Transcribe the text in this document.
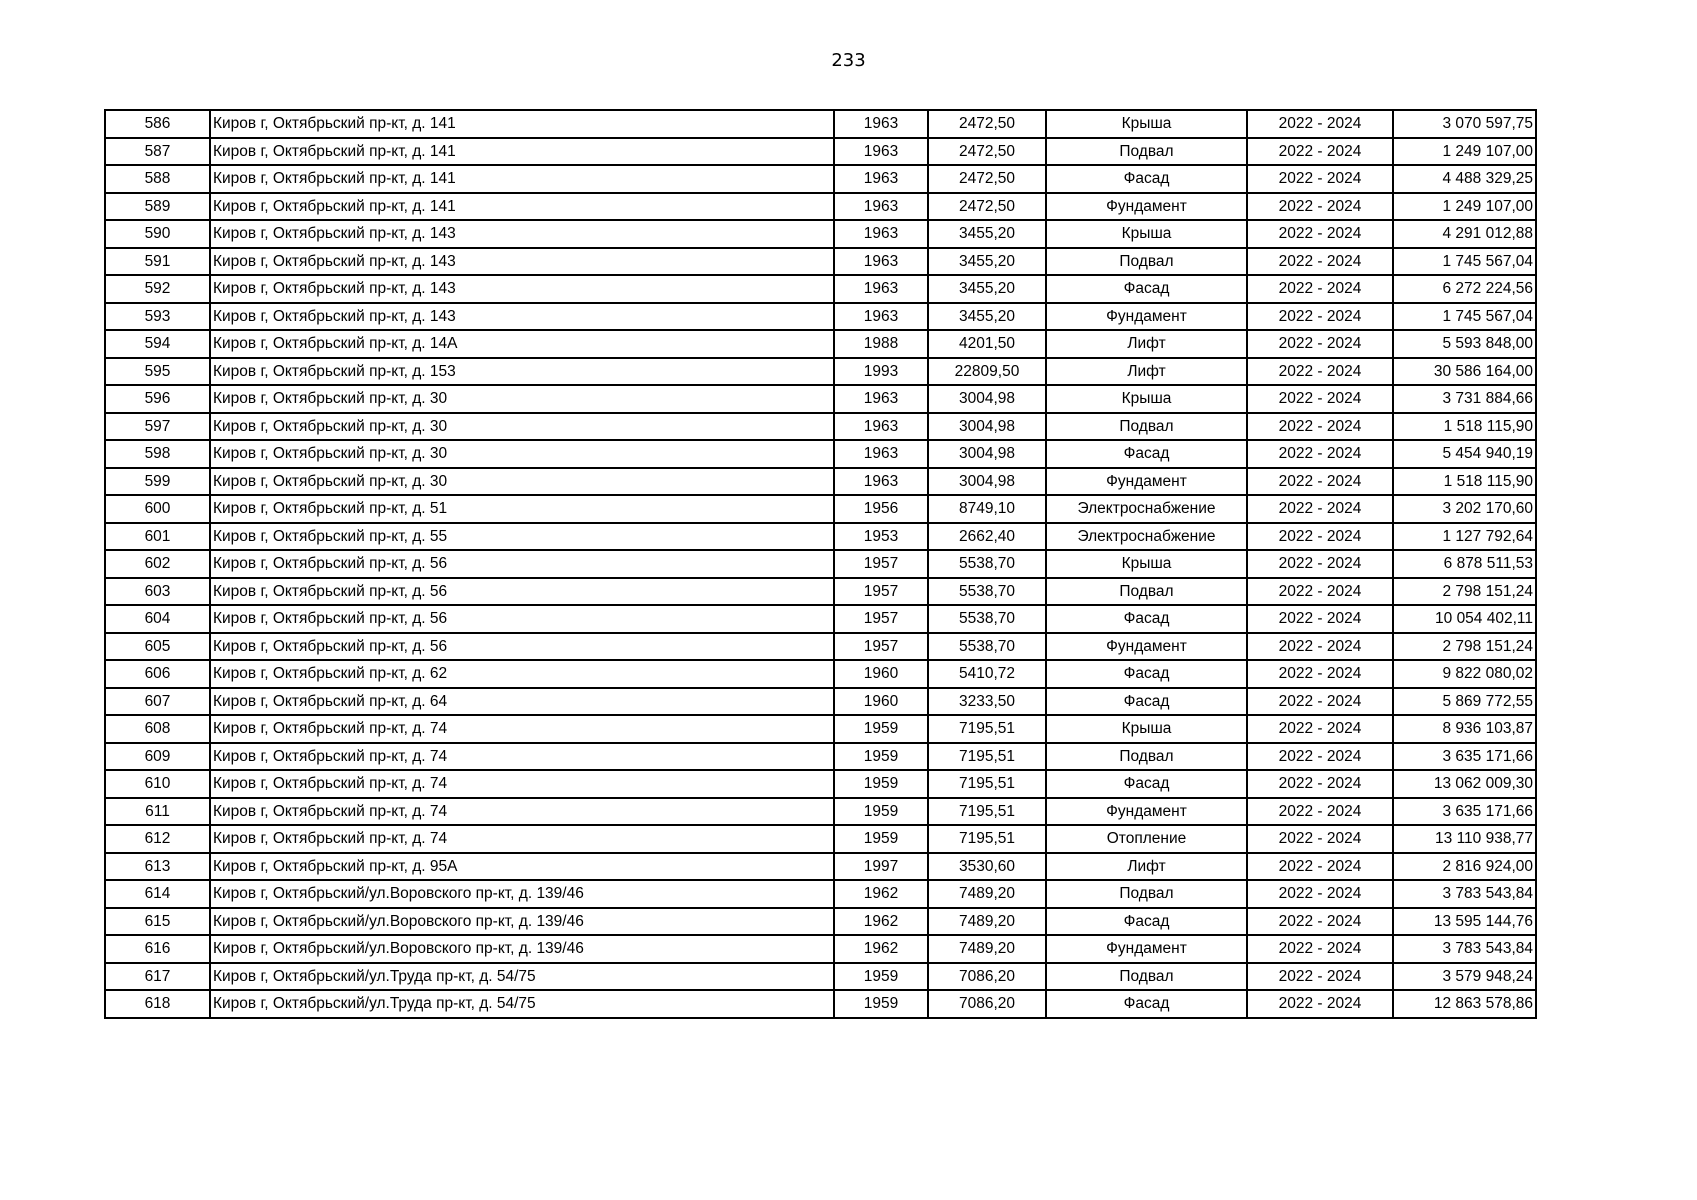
233
586	Киров г, Октябрьский пр-кт, д. 141	1963	2472,50	Крыша	2022 - 2024	3 070 597,75
587	Киров г, Октябрьский пр-кт, д. 141	1963	2472,50	Подвал	2022 - 2024	1 249 107,00
588	Киров г, Октябрьский пр-кт, д. 141	1963	2472,50	Фасад	2022 - 2024	4 488 329,25
589	Киров г, Октябрьский пр-кт, д. 141	1963	2472,50	Фундамент	2022 - 2024	1 249 107,00
590	Киров г, Октябрьский пр-кт, д. 143	1963	3455,20	Крыша	2022 - 2024	4 291 012,88
591	Киров г, Октябрьский пр-кт, д. 143	1963	3455,20	Подвал	2022 - 2024	1 745 567,04
592	Киров г, Октябрьский пр-кт, д. 143	1963	3455,20	Фасад	2022 - 2024	6 272 224,56
593	Киров г, Октябрьский пр-кт, д. 143	1963	3455,20	Фундамент	2022 - 2024	1 745 567,04
594	Киров г, Октябрьский пр-кт, д. 14А	1988	4201,50	Лифт	2022 - 2024	5 593 848,00
595	Киров г, Октябрьский пр-кт, д. 153	1993	22809,50	Лифт	2022 - 2024	30 586 164,00
596	Киров г, Октябрьский пр-кт, д. 30	1963	3004,98	Крыша	2022 - 2024	3 731 884,66
597	Киров г, Октябрьский пр-кт, д. 30	1963	3004,98	Подвал	2022 - 2024	1 518 115,90
598	Киров г, Октябрьский пр-кт, д. 30	1963	3004,98	Фасад	2022 - 2024	5 454 940,19
599	Киров г, Октябрьский пр-кт, д. 30	1963	3004,98	Фундамент	2022 - 2024	1 518 115,90
600	Киров г, Октябрьский пр-кт, д. 51	1956	8749,10	Электроснабжение	2022 - 2024	3 202 170,60
601	Киров г, Октябрьский пр-кт, д. 55	1953	2662,40	Электроснабжение	2022 - 2024	1 127 792,64
602	Киров г, Октябрьский пр-кт, д. 56	1957	5538,70	Крыша	2022 - 2024	6 878 511,53
603	Киров г, Октябрьский пр-кт, д. 56	1957	5538,70	Подвал	2022 - 2024	2 798 151,24
604	Киров г, Октябрьский пр-кт, д. 56	1957	5538,70	Фасад	2022 - 2024	10 054 402,11
605	Киров г, Октябрьский пр-кт, д. 56	1957	5538,70	Фундамент	2022 - 2024	2 798 151,24
606	Киров г, Октябрьский пр-кт, д. 62	1960	5410,72	Фасад	2022 - 2024	9 822 080,02
607	Киров г, Октябрьский пр-кт, д. 64	1960	3233,50	Фасад	2022 - 2024	5 869 772,55
608	Киров г, Октябрьский пр-кт, д. 74	1959	7195,51	Крыша	2022 - 2024	8 936 103,87
609	Киров г, Октябрьский пр-кт, д. 74	1959	7195,51	Подвал	2022 - 2024	3 635 171,66
610	Киров г, Октябрьский пр-кт, д. 74	1959	7195,51	Фасад	2022 - 2024	13 062 009,30
611	Киров г, Октябрьский пр-кт, д. 74	1959	7195,51	Фундамент	2022 - 2024	3 635 171,66
612	Киров г, Октябрьский пр-кт, д. 74	1959	7195,51	Отопление	2022 - 2024	13 110 938,77
613	Киров г, Октябрьский пр-кт, д. 95А	1997	3530,60	Лифт	2022 - 2024	2 816 924,00
614	Киров г, Октябрьский/ул.Воровского пр-кт, д. 139/46	1962	7489,20	Подвал	2022 - 2024	3 783 543,84
615	Киров г, Октябрьский/ул.Воровского пр-кт, д. 139/46	1962	7489,20	Фасад	2022 - 2024	13 595 144,76
616	Киров г, Октябрьский/ул.Воровского пр-кт, д. 139/46	1962	7489,20	Фундамент	2022 - 2024	3 783 543,84
617	Киров г, Октябрьский/ул.Труда пр-кт, д. 54/75	1959	7086,20	Подвал	2022 - 2024	3 579 948,24
618	Киров г, Октябрьский/ул.Труда пр-кт, д. 54/75	1959	7086,20	Фасад	2022 - 2024	12 863 578,86
